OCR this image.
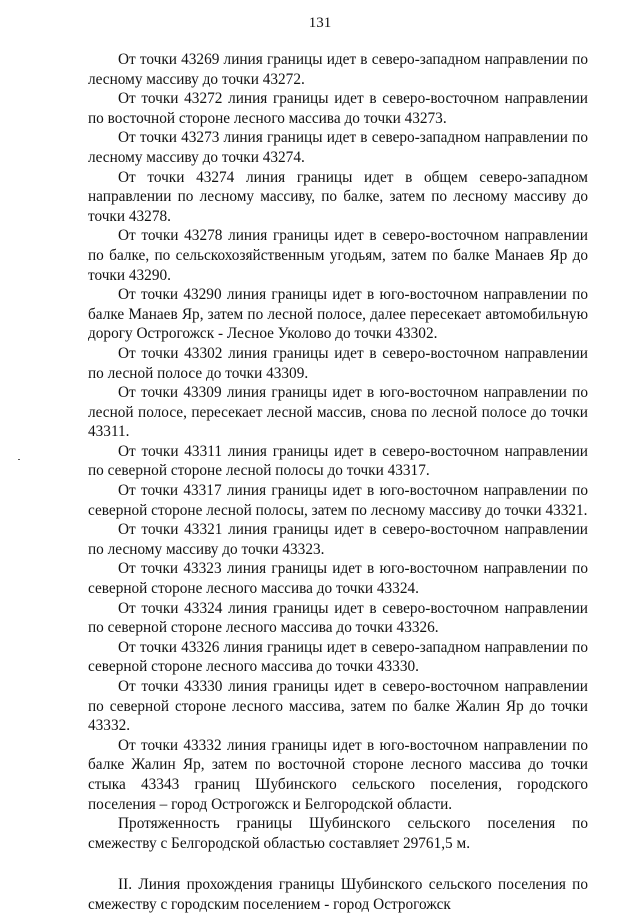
131

От точки 43269 линия границы идет в северо-западном направлении по лесному массиву до точки 43272.

От точки 43272 линия границы идет в северо-восточном направлении по восточной стороне лесного массива до точки 43273.

От точки 43273 линия границы идет в северо-западном направлении по лесному массиву до точки 43274.

От точки 43274 линия границы идет в общем северо-западном направлении по лесному массиву, по балке, затем по лесному массиву до точки 43278.

От точки 43278 линия границы идет в северо-восточном направлении по балке, по сельскохозяйственным угодьям, затем по балке Манаев Яр до точки 43290.

От точки 43290 линия границы идет в юго-восточном направлении по балке Манаев Яр, затем по лесной полосе, далее пересекает автомобильную дорогу Острогожск - Лесное Уколово до точки 43302.

От точки 43302 линия границы идет в северо-восточном направлении по лесной полосе до точки 43309.

От точки 43309 линия границы идет в юго-восточном направлении по лесной полосе, пересекает лесной массив, снова по лесной полосе до точки 43311.

От точки 43311 линия границы идет в северо-восточном направлении по северной стороне лесной полосы до точки 43317.

От точки 43317 линия границы идет в юго-восточном направлении по северной стороне лесной полосы, затем по лесному массиву до точки 43321.

От точки 43321 линия границы идет в северо-восточном направлении по лесному массиву до точки 43323.

От точки 43323 линия границы идет в юго-восточном направлении по северной стороне лесного массива до точки 43324.

От точки 43324 линия границы идет в северо-восточном направлении по северной стороне лесного массива до точки 43326.

От точки 43326 линия границы идет в северо-западном направлении по северной стороне лесного массива до точки 43330.

От точки 43330 линия границы идет в северо-восточном направлении по северной стороне лесного массива, затем по балке Жалин Яр до точки 43332.

От точки 43332 линия границы идет в юго-восточном направлении по балке Жалин Яр, затем по восточной стороне лесного массива до точки стыка 43343 границ Шубинского сельского поселения, городского поселения – город Острогожск и Белгородской области.

Протяженность границы Шубинского сельского поселения по смежеству с Белгородской областью составляет 29761,5 м.

II. Линия прохождения границы Шубинского сельского поселения по смежеству с городским поселением - город Острогожск
